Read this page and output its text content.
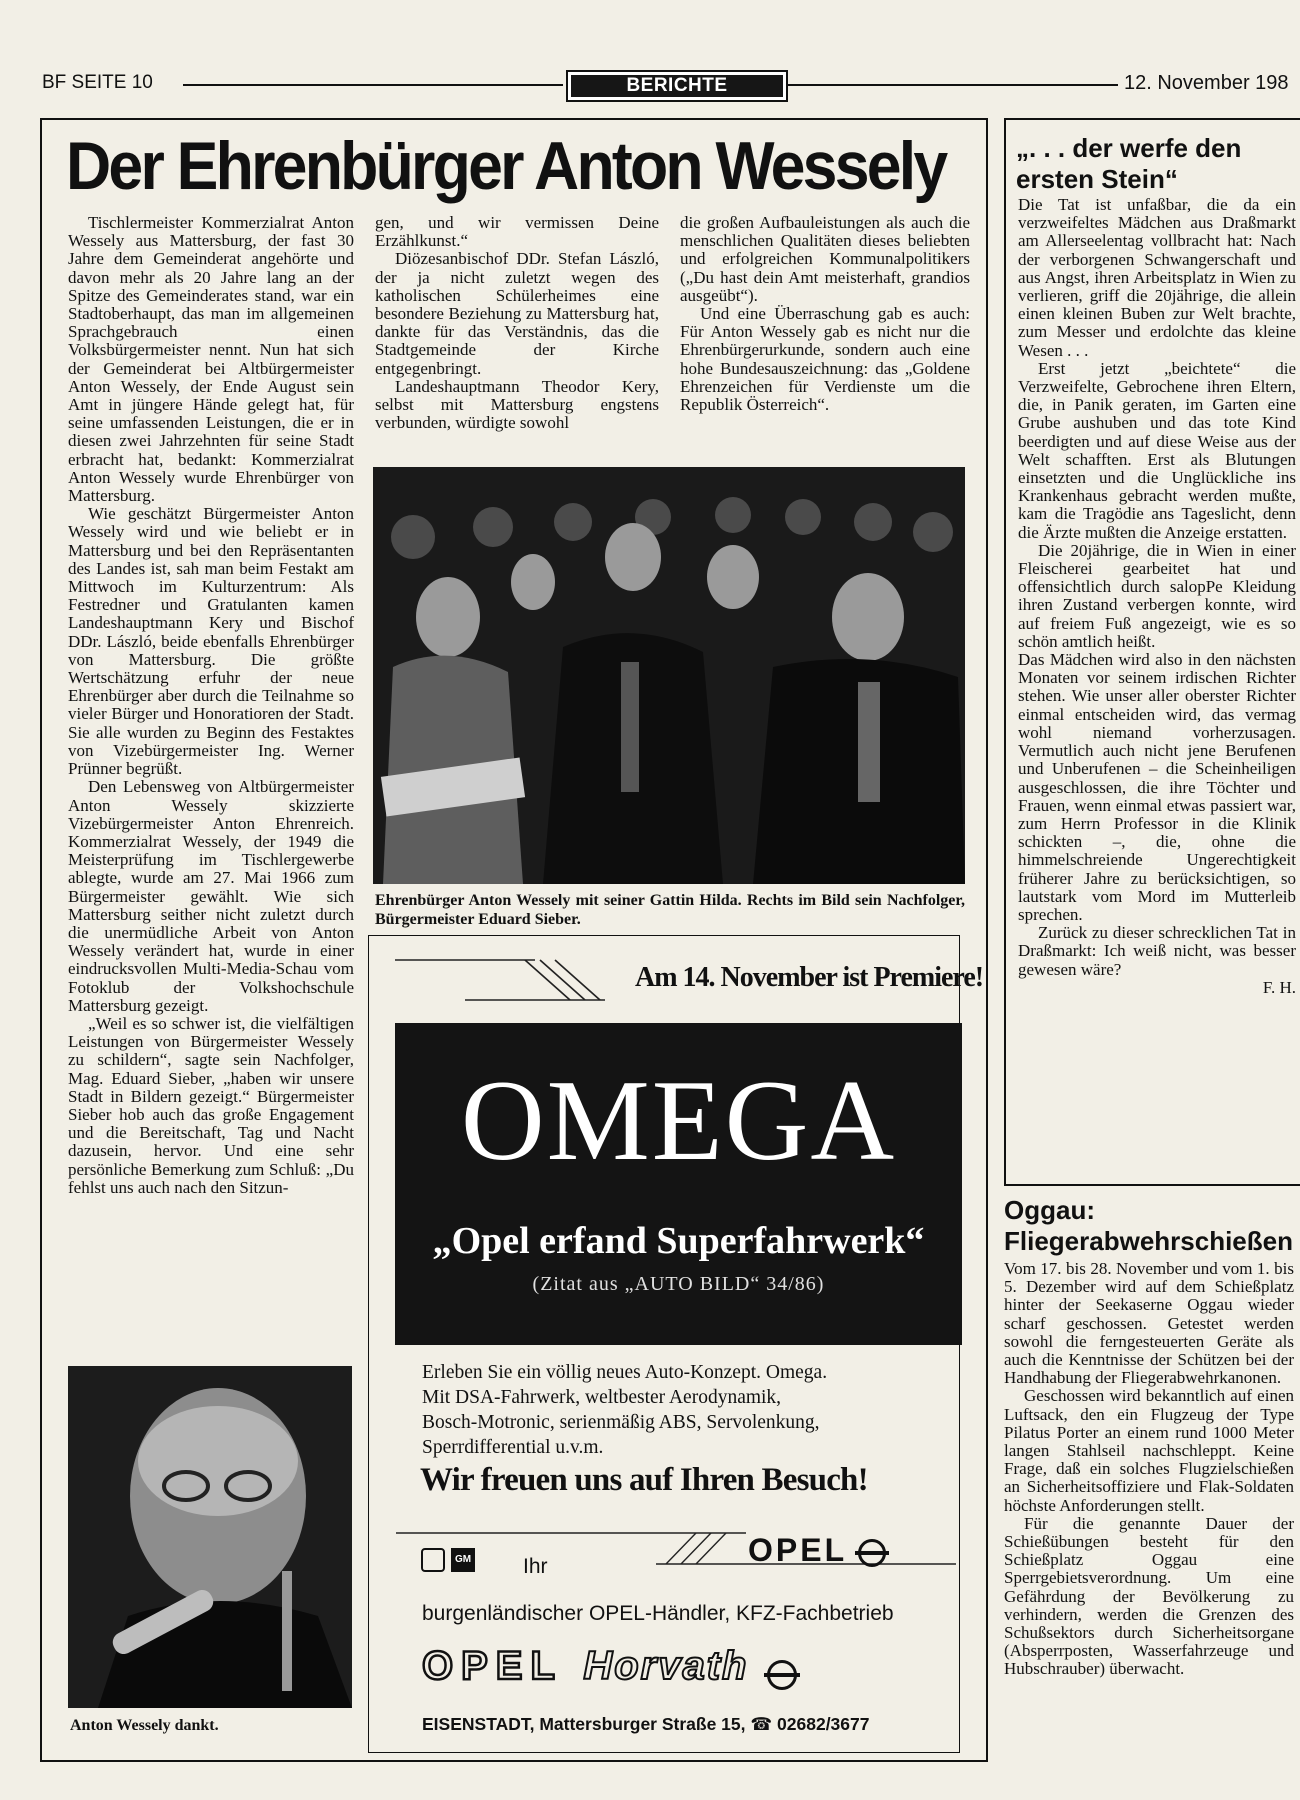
BF SEITE 10	BERICHTE	12. November 198
Der Ehrenbürger Anton Wessely

Tischlermeister Kommerzialrat Anton Wessely aus Mattersburg, der fast 30 Jahre dem Gemeinderat angehörte und davon mehr als 20 Jahre lang an der Spitze des Gemeinderates stand, war ein Stadtoberhaupt, das man im allgemeinen Sprachgebrauch einen Volksbürgermeister nennt. Nun hat sich der Gemeinderat bei Altbürgermeister Anton Wessely, der Ende August sein Amt in jüngere Hände gelegt hat, für seine umfassenden Leistungen, die er in diesen zwei Jahrzehnten für seine Stadt erbracht hat, bedankt: Kommerzialrat Anton Wessely wurde Ehrenbürger von Mattersburg.

Wie geschätzt Bürgermeister Anton Wessely wird und wie beliebt er in Mattersburg und bei den Repräsentanten des Landes ist, sah man beim Festakt am Mittwoch im Kulturzentrum: Als Festredner und Gratulanten kamen Landeshauptmann Kery und Bischof DDr. László, beide ebenfalls Ehrenbürger von Mattersburg. Die größte Wertschätzung erfuhr der neue Ehrenbürger aber durch die Teilnahme so vieler Bürger und Honoratioren der Stadt. Sie alle wurden zu Beginn des Festaktes von Vizebürgermeister Ing. Werner Prünner begrüßt.

Den Lebensweg von Altbürgermeister Anton Wessely skizzierte Vizebürgermeister Anton Ehrenreich. Kommerzialrat Wessely, der 1949 die Meisterprüfung im Tischlergewerbe ablegte, wurde am 27. Mai 1966 zum Bürgermeister gewählt. Wie sich Mattersburg seither nicht zuletzt durch die unermüdliche Arbeit von Anton Wessely verändert hat, wurde in einer eindrucksvollen Multi-Media-Schau vom Fotoklub der Volkshochschule Mattersburg gezeigt.

„Weil es so schwer ist, die vielfältigen Leistungen von Bürgermeister Wessely zu schildern“, sagte sein Nachfolger, Mag. Eduard Sieber, „haben wir unsere Stadt in Bildern gezeigt.“ Bürgermeister Sieber hob auch das große Engagement und die Bereitschaft, Tag und Nacht dazusein, hervor. Und eine sehr persönliche Bemerkung zum Schluß: „Du fehlst uns auch nach den Sitzun-

gen, und wir vermissen Deine Erzählkunst.“

Diözesanbischof DDr. Stefan László, der ja nicht zuletzt wegen des katholischen Schülerheimes eine besondere Beziehung zu Mattersburg hat, dankte für das Verständnis, das die Stadtgemeinde der Kirche entgegenbringt.

Landeshauptmann Theodor Kery, selbst mit Mattersburg engstens verbunden, würdigte sowohl

die großen Aufbauleistungen als auch die menschlichen Qualitäten dieses beliebten und erfolgreichen Kommunalpolitikers („Du hast dein Amt meisterhaft, grandios ausgeübt“).

Und eine Überraschung gab es auch: Für Anton Wessely gab es nicht nur die Ehrenbürgerurkunde, sondern auch eine hohe Bundesauszeichnung: das „Goldene Ehrenzeichen für Verdienste um die Republik Österreich“.

Ehrenbürger Anton Wessely mit seiner Gattin Hilda. Rechts im Bild sein Nachfolger, Bürgermeister Eduard Sieber.
Anton Wessely dankt.
Am 14. November ist Premiere!
OMEGA
„Opel erfand Superfahrwerk“
(Zitat aus „AUTO BILD“ 34/86)
Erleben Sie ein völlig neues Auto-Konzept. Omega.
Mit DSA-Fahrwerk, weltbester Aerodynamik,
Bosch-Motronic, serienmäßig ABS, Servolenkung,
Sperrdifferential u.v.m.
Wir freuen uns auf Ihren Besuch!
OPEL
GM Ihr
burgenländischer OPEL-Händler, KFZ-Fachbetrieb
OPEL Horvath
EISENSTADT, Mattersburger Straße 15, ☎ 02682/3677
„. . . der werfe den ersten Stein“

Die Tat ist unfaßbar, die da ein verzweifeltes Mädchen aus Draßmarkt am Allerseelentag vollbracht hat: Nach der verborgenen Schwangerschaft und aus Angst, ihren Arbeitsplatz in Wien zu verlieren, griff die 20jährige, die allein einen kleinen Buben zur Welt brachte, zum Messer und erdolchte das kleine Wesen . . .

Erst jetzt „beichtete“ die Verzweifelte, Gebrochene ihren Eltern, die, in Panik geraten, im Garten eine Grube aushuben und das tote Kind beerdigten und auf diese Weise aus der Welt schafften. Erst als Blutungen einsetzten und die Unglückliche ins Krankenhaus gebracht werden mußte, kam die Tragödie ans Tageslicht, denn die Ärzte mußten die Anzeige erstatten.

Die 20jährige, die in Wien in einer Fleischerei gearbeitet hat und offensichtlich durch salopPe Kleidung ihren Zustand verbergen konnte, wird auf freiem Fuß angezeigt, wie es so schön amtlich heißt.

Das Mädchen wird also in den nächsten Monaten vor seinem irdischen Richter stehen. Wie unser aller oberster Richter einmal entscheiden wird, das vermag wohl niemand vorherzusagen. Vermutlich auch nicht jene Berufenen und Unberufenen – die Scheinheiligen ausgeschlossen, die ihre Töchter und Frauen, wenn einmal etwas passiert war, zum Herrn Professor in die Klinik schickten –, die, ohne die himmelschreiende Ungerechtigkeit früherer Jahre zu berücksichtigen, so lautstark vom Mord im Mutterleib sprechen.

Zurück zu dieser schrecklichen Tat in Draßmarkt: Ich weiß nicht, was besser gewesen wäre?

F. H.
Oggau: Fliegerabwehrschießen

Vom 17. bis 28. November und vom 1. bis 5. Dezember wird auf dem Schießplatz hinter der Seekaserne Oggau wieder scharf geschossen. Getestet werden sowohl die ferngesteuerten Geräte als auch die Kenntnisse der Schützen bei der Handhabung der Fliegerabwehrkanonen.

Geschossen wird bekanntlich auf einen Luftsack, den ein Flugzeug der Type Pilatus Porter an einem rund 1000 Meter langen Stahlseil nachschleppt. Keine Frage, daß ein solches Flugzielschießen an Sicherheitsoffiziere und Flak-Soldaten höchste Anforderungen stellt.

Für die genannte Dauer der Schießübungen besteht für den Schießplatz Oggau eine Sperrgebietsverordnung. Um eine Gefährdung der Bevölkerung zu verhindern, werden die Grenzen des Schußsektors durch Sicherheitsorgane (Absperrposten, Wasserfahrzeuge und Hubschrauber) überwacht.
